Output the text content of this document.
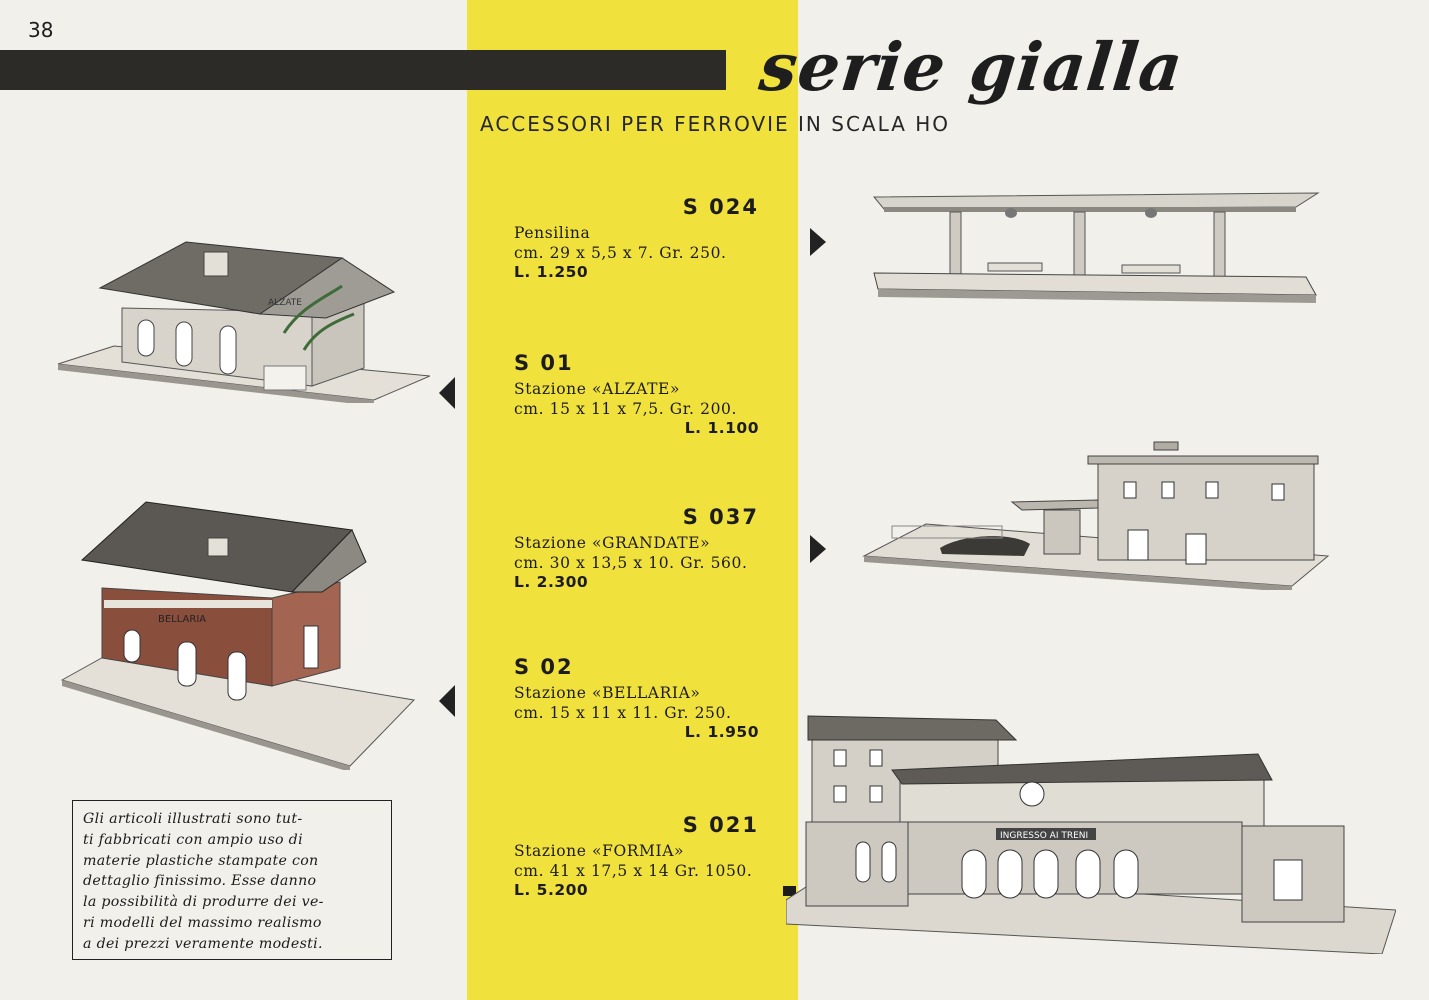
38	serie gialla
ACCESSORI PER FERROVIE IN SCALA HO
S 024
Pensilina
cm. 29 x 5,5 x 7. Gr. 250.
L. 1.250
S 01
Stazione «ALZATE»
cm. 15 x 11 x 7,5. Gr. 200.
L. 1.100
S 037
Stazione «GRANDATE»
cm. 30 x 13,5 x 10. Gr. 560.
L. 2.300
S 02
Stazione «BELLARIA»
cm. 15 x 11 x 11. Gr. 250.
L. 1.950
S 021
Stazione «FORMIA»
cm. 41 x 17,5 x 14 Gr. 1050.
L. 5.200
Gli articoli illustrati sono tut-
ti fabbricati con ampio uso di
materie plastiche stampate con
dettaglio finissimo. Esse danno
la possibilità di produrre dei ve-
ri modelli del massimo realismo
a dei prezzi veramente modesti.
ALZATE
BELLARIA
INGRESSO AI TRENI
